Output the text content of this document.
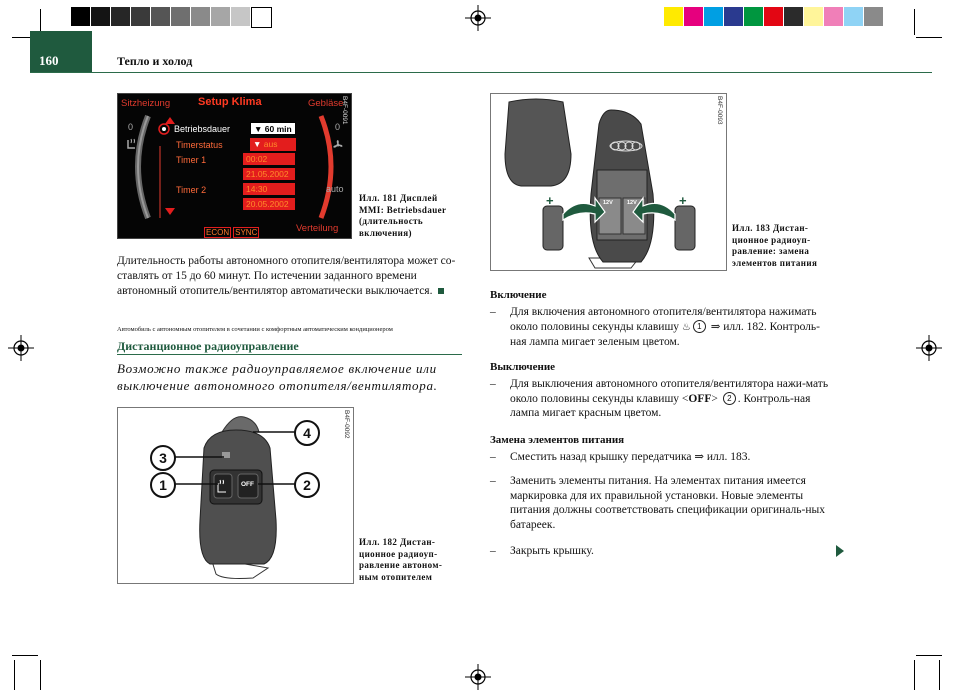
160	Тепло и холод
Sitzheizung	Setup Klima	Gebläse
0	0
auto
Betriebsdauer
Timerstatus
Timer 1
Timer 2
▼ 60 min
▼ aus
00:02
21.05.2002
14:30
20.05.2002
ECON SYNC	Verteilung
B4F-0091
Илл. 181 Дисплей MMI: Betriebsdauer (длительность включения)
Длительность работы автономного отопителя/вентилятора может со-ставлять от 15 до 60 минут. По истечении заданного времени автономный отопитель/вентилятор автоматически выключается.
Автомобиль с автономным отопителем в сочетании с комфортным автоматическим кондиционером
Дистанционное радиоуправление
Возможно также радиоуправляемое включение или выключение автономного отопителя/вентилятора.
OFF
1	2
3
4	B4F-0092
Илл. 182 Дистан-ционное радиоуп-равление автоном-ным отопителем
+	+
12V	12V
B4F-0093
Илл. 183 Дистан-ционное радиоуп-равление: замена элементов питания
Включение
– Для включения автономного отопителя/вентилятора нажимать около половины секунды клавишу ♨ 1 ⇒ илл. 182. Контроль-ная лампа мигает зеленым цветом.
Выключение
– Для выключения автономного отопителя/вентилятора нажи-мать около половины секунды клавишу <OFF> 2 . Контроль-ная лампа мигает красным цветом.
Замена элементов питания
– Сместить назад крышку передатчика ⇒ илл. 183.
– Заменить элементы питания. На элементах питания имеется маркировка для их правильной установки. Новые элементы питания должны соответствовать спецификации оригиналь-ных батареек.
– Закрыть крышку.
